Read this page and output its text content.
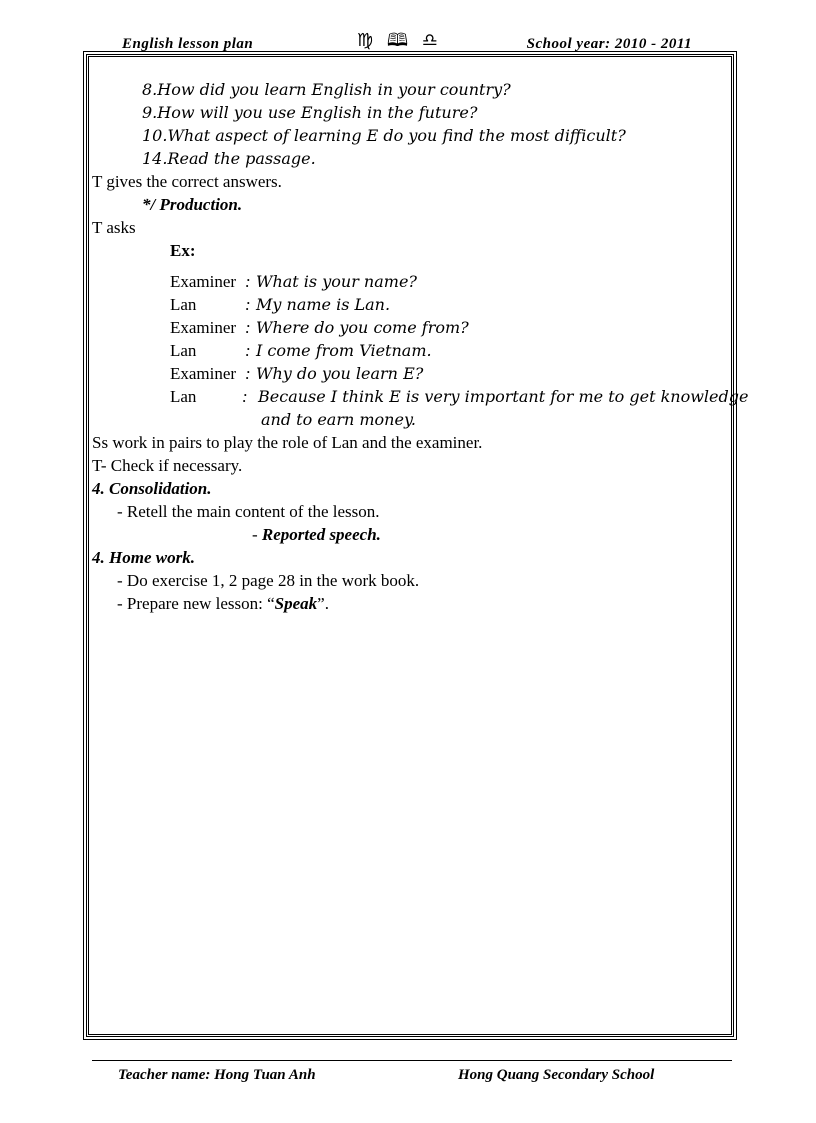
English lesson plan	♍ 🕮 ♎	School year: 2010 - 2011
8.How did you learn English in your country?
9.How will you use English in the future?
10.What aspect of learning E do you find the most difficult?
14.Read the passage.
T gives the correct answers.
*/ Production.
T asks
Ex:
Examiner : What is your name?
Lan	: My name is Lan.
Examiner : Where do you come from?
Lan	: I come from Vietnam.
Examiner : Why do you learn E?
Lan	: Because I think E is very important for me to get knowledge
and to earn money.
Ss work in pairs to play the role of Lan and the examiner.
T- Check if necessary.
4. Consolidation.
- Retell the main content of the lesson.
- Reported speech.
4. Home work.
- Do exercise 1, 2 page 28 in the work book.
- Prepare new lesson: “Speak”.
Teacher name: Hong Tuan Anh	Hong Quang Secondary School
